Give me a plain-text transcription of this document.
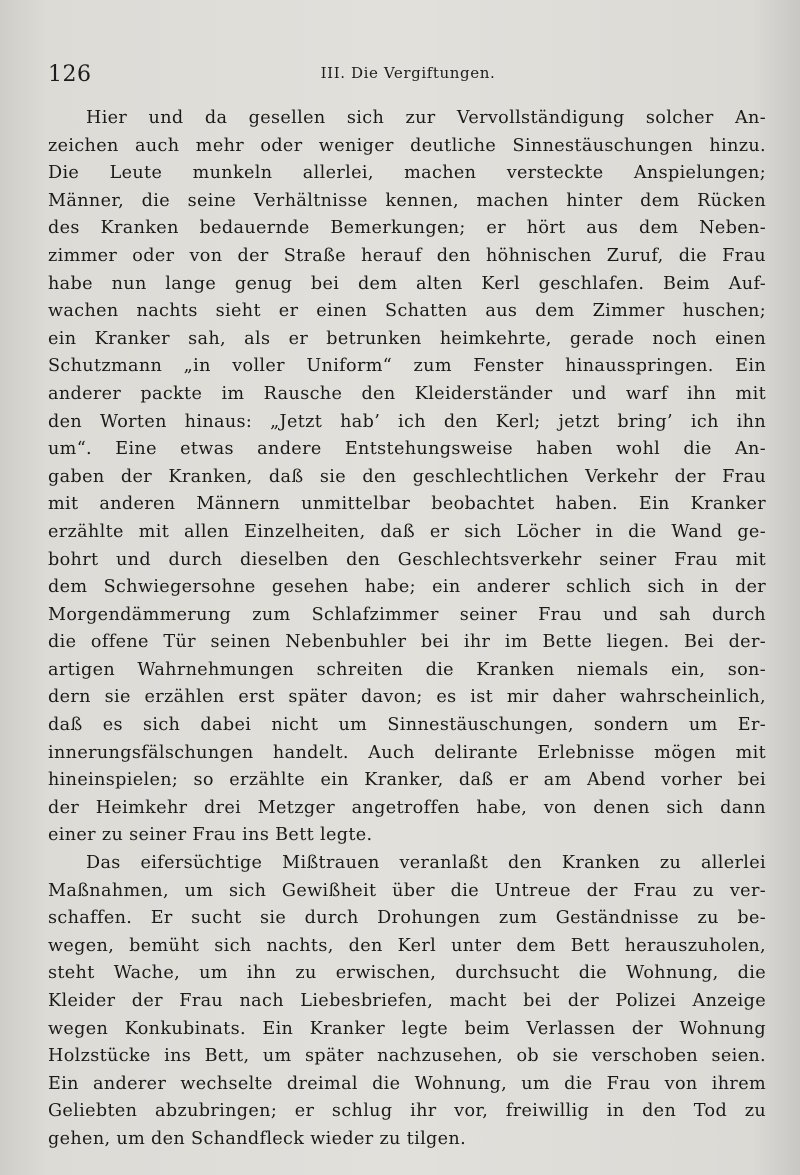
126	III. Die Vergiftungen.
Hier und da gesellen sich zur Vervollständigung solcher An-
zeichen auch mehr oder weniger deutliche Sinnestäuschungen hinzu.
Die Leute munkeln allerlei, machen versteckte Anspielungen;
Männer, die seine Verhältnisse kennen, machen hinter dem Rücken
des Kranken bedauernde Bemerkungen; er hört aus dem Neben-
zimmer oder von der Straße herauf den höhnischen Zuruf, die Frau
habe nun lange genug bei dem alten Kerl geschlafen. Beim Auf-
wachen nachts sieht er einen Schatten aus dem Zimmer huschen;
ein Kranker sah, als er betrunken heimkehrte, gerade noch einen
Schutzmann „in voller Uniform“ zum Fenster hinausspringen. Ein
anderer packte im Rausche den Kleiderständer und warf ihn mit
den Worten hinaus: „Jetzt hab’ ich den Kerl; jetzt bring’ ich ihn
um“. Eine etwas andere Entstehungsweise haben wohl die An-
gaben der Kranken, daß sie den geschlechtlichen Verkehr der Frau
mit anderen Männern unmittelbar beobachtet haben. Ein Kranker
erzählte mit allen Einzelheiten, daß er sich Löcher in die Wand ge-
bohrt und durch dieselben den Geschlechtsverkehr seiner Frau mit
dem Schwiegersohne gesehen habe; ein anderer schlich sich in der
Morgendämmerung zum Schlafzimmer seiner Frau und sah durch
die offene Tür seinen Nebenbuhler bei ihr im Bette liegen. Bei der-
artigen Wahrnehmungen schreiten die Kranken niemals ein, son-
dern sie erzählen erst später davon; es ist mir daher wahrscheinlich,
daß es sich dabei nicht um Sinnestäuschungen, sondern um Er-
innerungsfälschungen handelt. Auch delirante Erlebnisse mögen mit
hineinspielen; so erzählte ein Kranker, daß er am Abend vorher bei
der Heimkehr drei Metzger angetroffen habe, von denen sich dann
einer zu seiner Frau ins Bett legte.
Das eifersüchtige Mißtrauen veranlaßt den Kranken zu allerlei
Maßnahmen, um sich Gewißheit über die Untreue der Frau zu ver-
schaffen. Er sucht sie durch Drohungen zum Geständnisse zu be-
wegen, bemüht sich nachts, den Kerl unter dem Bett herauszuholen,
steht Wache, um ihn zu erwischen, durchsucht die Wohnung, die
Kleider der Frau nach Liebesbriefen, macht bei der Polizei Anzeige
wegen Konkubinats. Ein Kranker legte beim Verlassen der Wohnung
Holzstücke ins Bett, um später nachzusehen, ob sie verschoben seien.
Ein anderer wechselte dreimal die Wohnung, um die Frau von ihrem
Geliebten abzubringen; er schlug ihr vor, freiwillig in den Tod zu
gehen, um den Schandfleck wieder zu tilgen.
